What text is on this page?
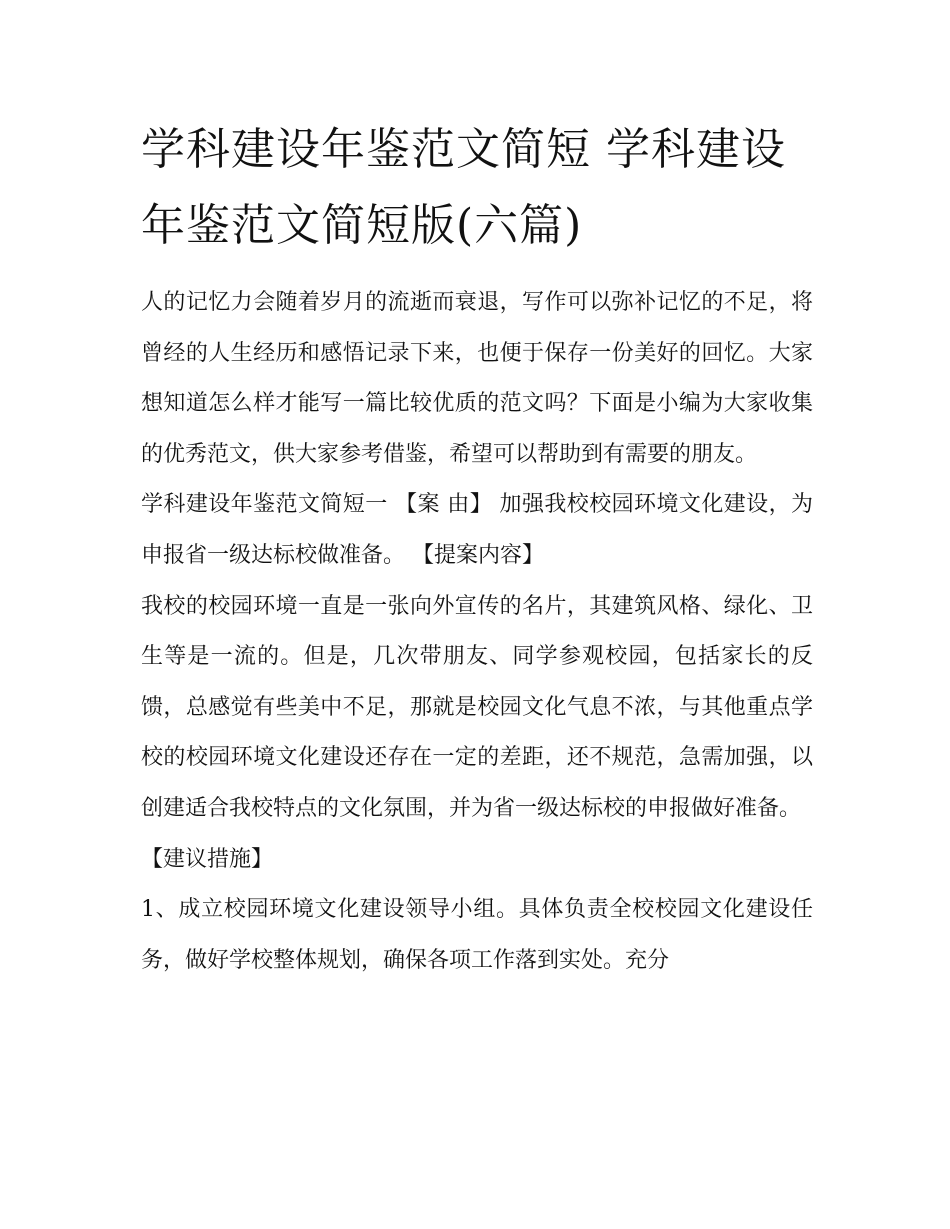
学科建设年鉴范文简短 学科建设年鉴范文简短版(六篇)

人的记忆力会随着岁月的流逝而衰退，写作可以弥补记忆的不足，将曾经的人生经历和感悟记录下来，也便于保存一份美好的回忆。大家想知道怎么样才能写一篇比较优质的范文吗？下面是小编为大家收集的优秀范文，供大家参考借鉴，希望可以帮助到有需要的朋友。

学科建设年鉴范文简短一 【案 由】 加强我校校园环境文化建设，为申报省一级达标校做准备。 【提案内容】

我校的校园环境一直是一张向外宣传的名片，其建筑风格、绿化、卫生等是一流的。但是，几次带朋友、同学参观校园，包括家长的反馈，总感觉有些美中不足，那就是校园文化气息不浓，与其他重点学校的校园环境文化建设还存在一定的差距，还不规范，急需加强，以创建适合我校特点的文化氛围，并为省一级达标校的申报做好准备。

【建议措施】

1、成立校园环境文化建设领导小组。具体负责全校校园文化建设任务，做好学校整体规划，确保各项工作落到实处。充分
